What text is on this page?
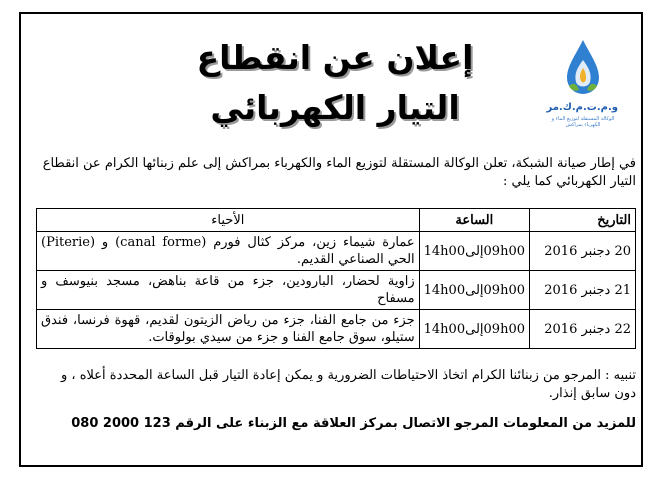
إعلان عن انقطاع
التيار الكهربائي	و.م.ت.م.ك.مر
الوكالة المستقلة لتوزيع الماء و الكهرباء بمراكش
في إطار صيانة الشبكة، تعلن الوكالة المستقلة لتوزيع الماء والكهرباء بمراكش إلى علم زبنائها الكرام عن انقطاع التيار الكهربائي كما يلي :
التاريخ	الساعة	الأحياء
20 دجنبر 2016	09h00إلى14h00	عمارة شيماء زين، مركز كثال فورم (canal forme) و (Piterie) الحي الصناعي القديم.
21 دجنبر 2016	09h00إلى14h00	زاوية لحضار، البارودين، جزء من قاعة بناهض، مسجد بنيوسف و مسفاح
22 دجنبر 2016	09h00إلى14h00	جزء من جامع الفنا، جزء من رياض الزيتون لقديم، قهوة فرنسا، فندق ستيلو، سوق جامع الفنا و جزء من سيدي بولوقات.
تنبيه : المرجو من زبنائنا الكرام اتخاذ الاحتياطات الضرورية و يمكن إعادة التيار قبل الساعة المحددة أعلاه ، و دون سابق إنذار.
للمزيد من المعلومات المرجو الاتصال بمركز العلاقة مع الزبناء على الرقم 123 2000 080
